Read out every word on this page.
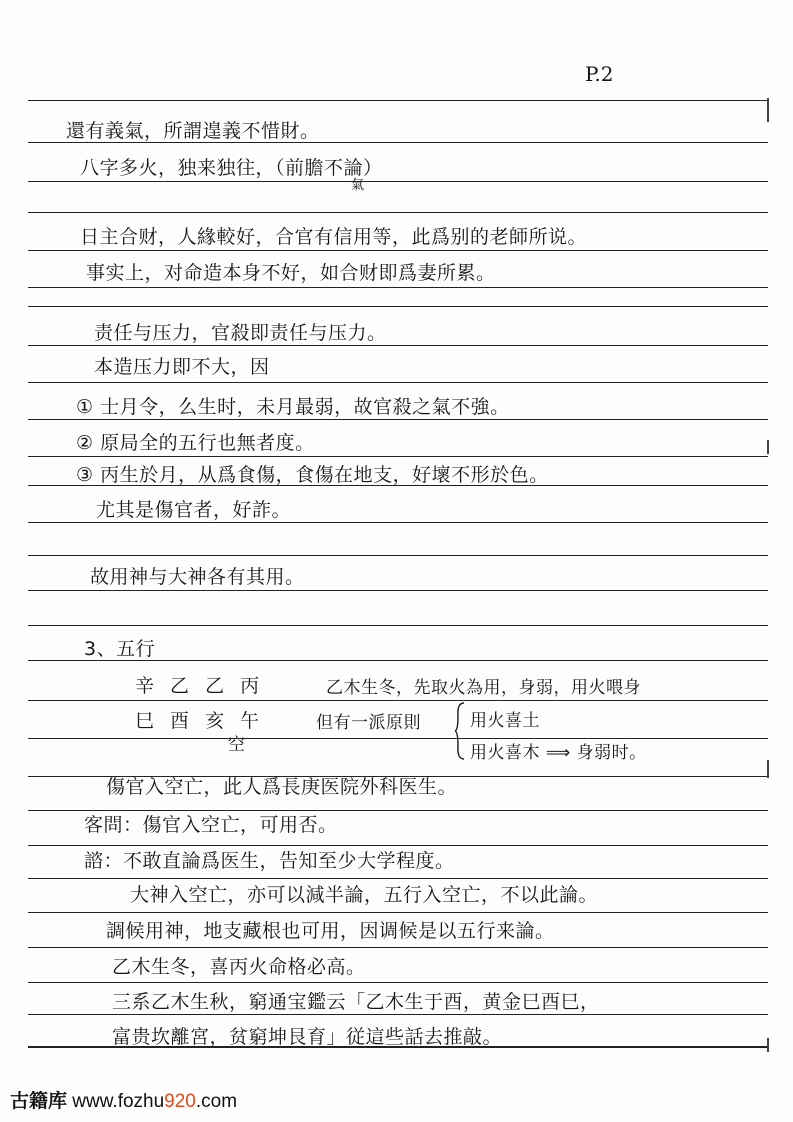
P.2
還有義氣，所謂遑義不惜財。
八字多火，独来独往，（前膽不論）
氣
日主合财，人緣較好，合官有信用等，此爲别的老師所说。
事实上，对命造本身不好，如合财即爲妻所累。
责任与压力，官殺即责任与压力。
本造压力即不大，因
① 士月令，么生时，未月最弱，故官殺之氣不強。
② 原局全的五行也無者度。
③ 丙生於月，从爲食傷，食傷在地支，好壞不形於色。
尤其是傷官者，好詐。
故用神与大神各有其用。
3、五行
辛 乙 乙 丙
巳 酉 亥 午
空
乙木生冬，先取火為用，身弱，用火喂身
但有一派原則	用火喜土
用火喜木 ⟹ 身弱时。
傷官入空亡，此人爲長庚医院外科医生。
客問：傷官入空亡，可用否。
諮：不敢直論爲医生，告知至少大学程度。
大神入空亡，亦可以減半論，五行入空亡，不以此論。
調候用神，地支藏根也可用，因调候是以五行来論。
乙木生冬，喜丙火命格必高。
三系乙木生秋，窮通宝鑑云「乙木生于酉，黄金巳酉巳，
富贵坎離宮，贫窮坤艮育」従這些話去推敲。
古籍库 www.fozhu920.com
